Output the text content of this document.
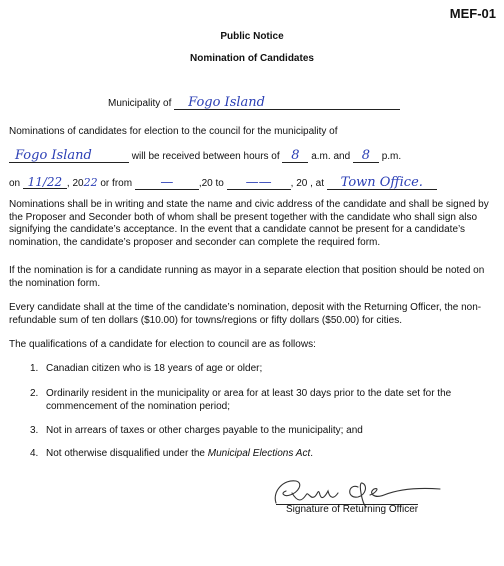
MEF-01
Public Notice
Nomination of Candidates
Municipality of Fogo Island
Nominations of candidates for election to the council for the municipality of
Fogo Island	will be received between hours of 8 a.m. and 8 p.m.
on 11/22 , 2022 or from —	,20 to —— , 20 , at Town Office.
Nominations shall be in writing and state the name and civic address of the candidate and shall be signed by the Proposer and Seconder both of whom shall be present together with the candidate who shall sign also signifying the candidate’s acceptance. In the event that a candidate cannot be present for a candidate’s nomination, the candidate’s proposer and seconder can complete the required form.
If the nomination is for a candidate running as mayor in a separate election that position should be noted on the nomination form.
Every candidate shall at the time of the candidate’s nomination, deposit with the Returning Officer, the non-refundable sum of ten dollars ($10.00) for towns/regions or fifty dollars ($50.00) for cities.
The qualifications of a candidate for election to council are as follows:
1. Canadian citizen who is 18 years of age or older;
2. Ordinarily resident in the municipality or area for at least 30 days prior to the date set for the commencement of the nomination period;
3. Not in arrears of taxes or other charges payable to the municipality; and
4. Not otherwise disqualified under the Municipal Elections Act.
Signature of Returning Officer
